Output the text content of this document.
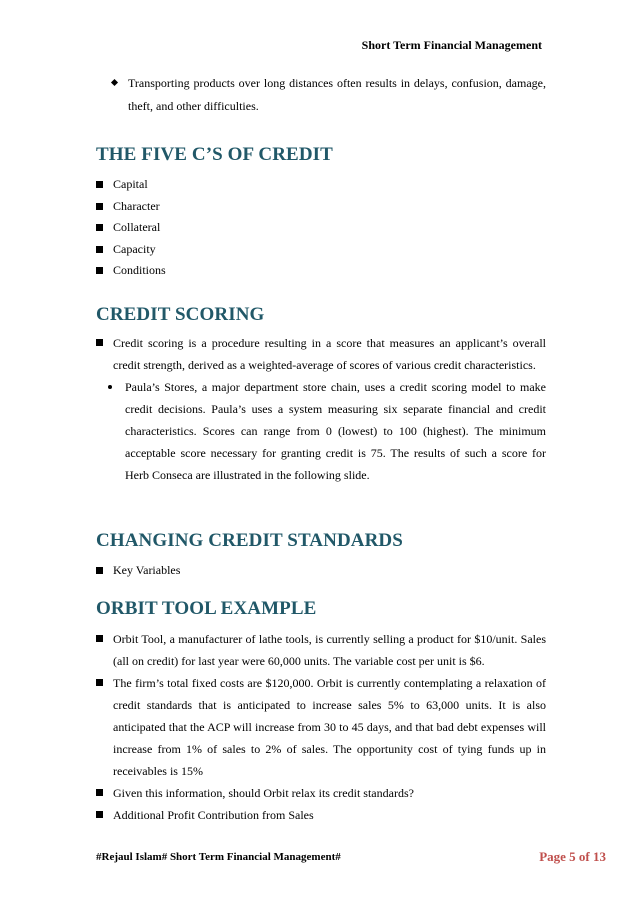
Short Term Financial Management
Transporting products over long distances often results in delays, confusion, damage, theft, and other difficulties.
THE FIVE C’S OF CREDIT
Capital
Character
Collateral
Capacity
Conditions
CREDIT SCORING
Credit scoring is a procedure resulting in a score that measures an applicant’s overall credit strength, derived as a weighted-average of scores of various credit characteristics.
Paula’s Stores, a major department store chain, uses a credit scoring model to make credit decisions. Paula’s uses a system measuring six separate financial and credit characteristics. Scores can range from 0 (lowest) to 100 (highest). The minimum acceptable score necessary for granting credit is 75. The results of such a score for Herb Conseca are illustrated in the following slide.
CHANGING CREDIT STANDARDS
Key Variables
ORBIT TOOL EXAMPLE
Orbit Tool, a manufacturer of lathe tools, is currently selling a product for $10/unit. Sales (all on credit) for last year were 60,000 units. The variable cost per unit is $6.
The firm’s total fixed costs are $120,000. Orbit is currently contemplating a relaxation of credit standards that is anticipated to increase sales 5% to 63,000 units. It is also anticipated that the ACP will increase from 30 to 45 days, and that bad debt expenses will increase from 1% of sales to 2% of sales. The opportunity cost of tying funds up in receivables is 15%
Given this information, should Orbit relax its credit standards?
Additional Profit Contribution from Sales
#Rejaul Islam# Short Term Financial Management#	Page 5 of 13
